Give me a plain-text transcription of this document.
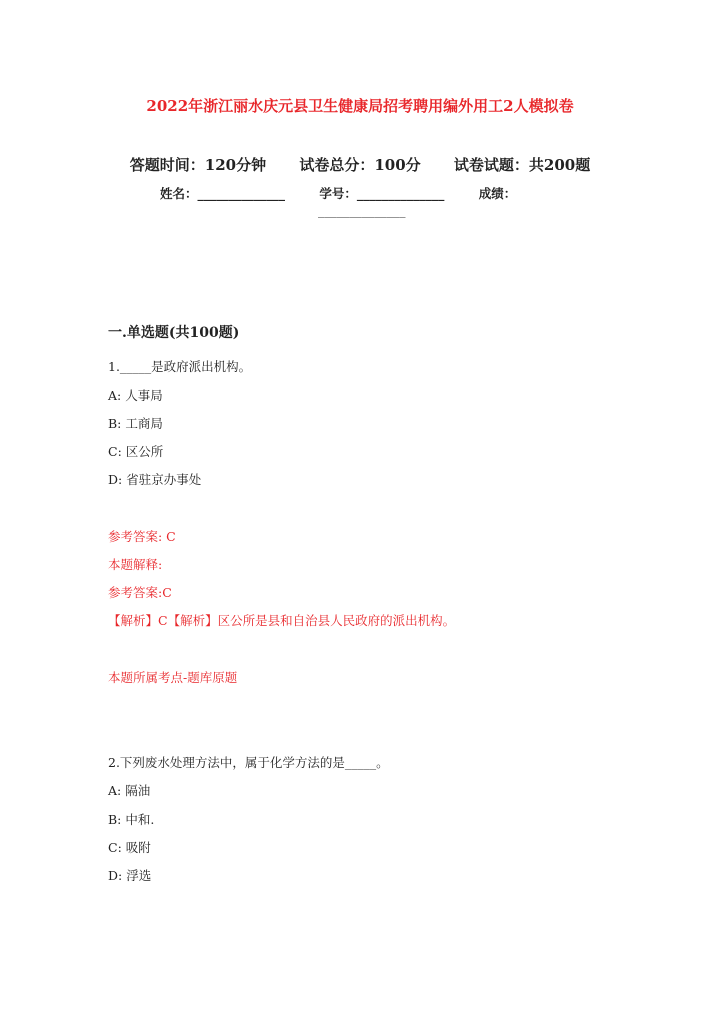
2022年浙江丽水庆元县卫生健康局招考聘用编外用工2人模拟卷
答题时间：120分钟 试卷总分：100分 试卷试题：共200题
姓名：______________	学号：______________	成绩：
______________
一.单选题(共100题)
1._____是政府派出机构。
A: 人事局
B: 工商局
C: 区公所
D: 省驻京办事处
参考答案: C
本题解释:
参考答案:C
【解析】C【解析】区公所是县和自治县人民政府的派出机构。
本题所属考点-题库原题
2.下列废水处理方法中，属于化学方法的是_____。
A: 隔油
B: 中和.
C: 吸附
D: 浮选
